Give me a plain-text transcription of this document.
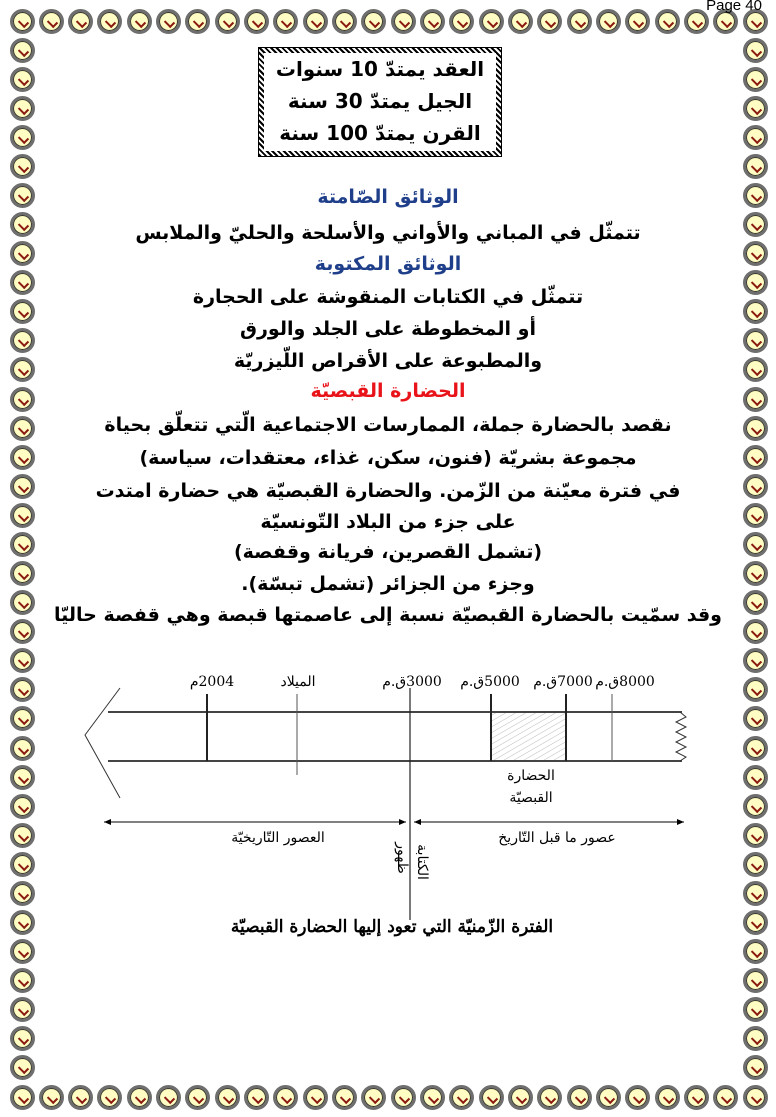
Page 40
العقد يمتدّ 10 سنوات
الجيل يمتدّ 30 سنة
القرن يمتدّ 100 سنة
الوثائق الصّامتة
تتمثّل في المباني والأواني والأسلحة والحليّ والملابس
الوثائق المكتوبة
تتمثّل في الكتابات المنقوشة على الحجارة
أو المخطوطة على الجلد والورق
والمطبوعة على الأقراص اللّيزريّة
الحضارة القبصيّة
نقصد بالحضارة جملة، الممارسات الاجتماعية الّتي تتعلّق بحياة
مجموعة بشريّة (فنون، سكن، غذاء، معتقدات، سياسة)
في فترة معيّنة من الزّمن. والحضارة القبصيّة هي حضارة امتدت
على جزء من البلاد التّونسيّة
(تشمل القصرين، فريانة وقفصة)
وجزء من الجزائر (تشمل تبسّة).
وقد سمّيت بالحضارة القبصيّة نسبة إلى عاصمتها قبصة وهي قفصة حاليّا
2004م	الميلاد	3000ق.م 5000ق.م 7000ق.م 8000ق.م
الحضارة
القبصيّة
العصور التّاريخيّة	عصور ما قبل التّاريخ
ظهور الكتابة
الفترة الزّمنيّة التي تعود إليها الحضارة القبصيّة
